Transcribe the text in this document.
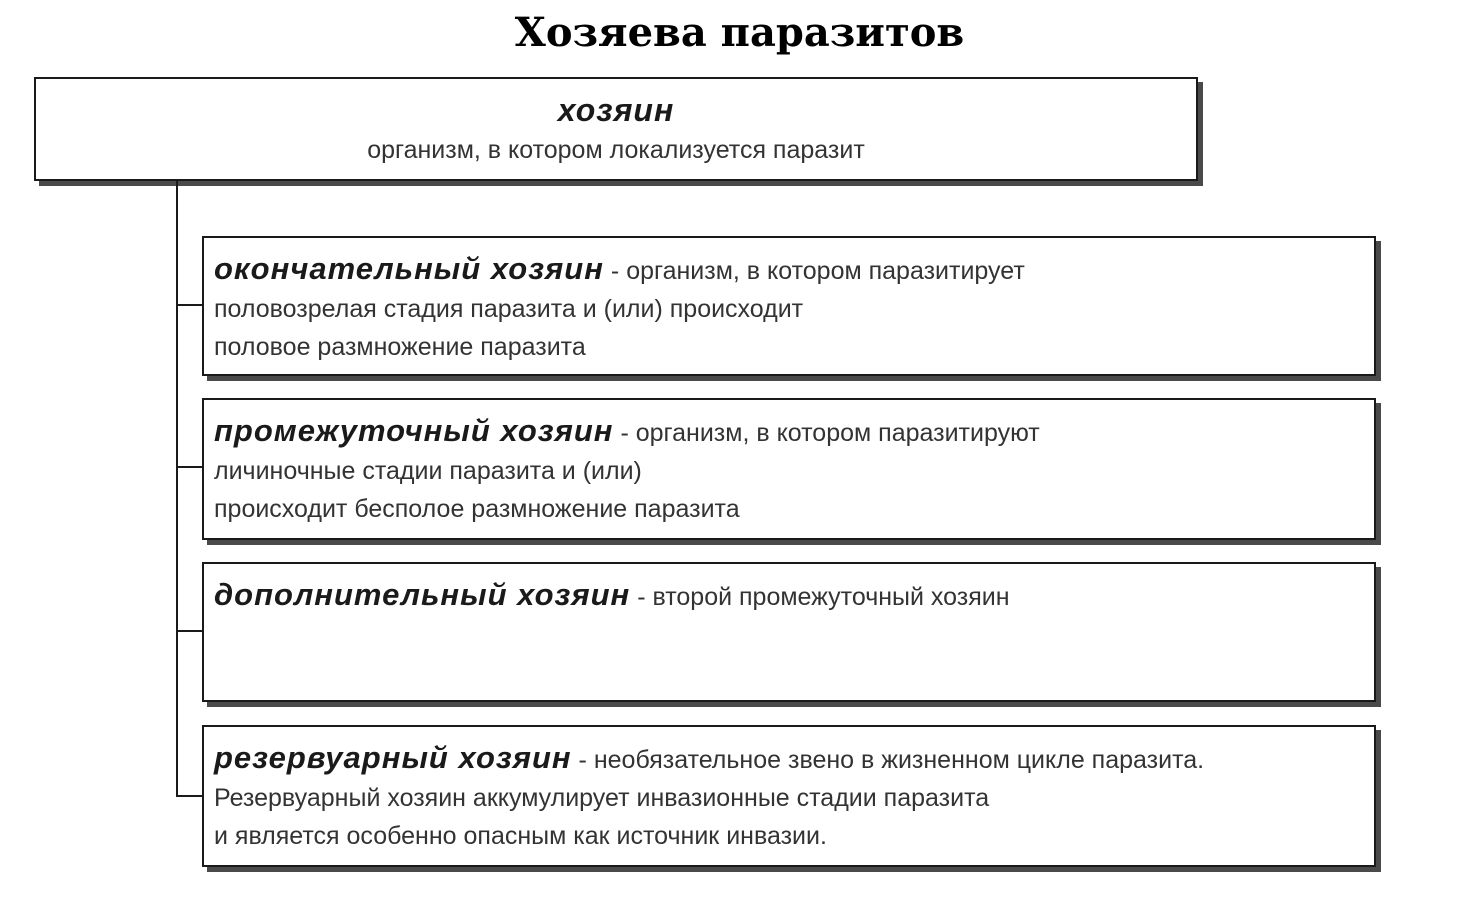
Хозяева паразитов
хозяин
организм, в котором локализуется паразит
окончательный хозяин - организм, в котором паразитирует
половозрелая стадия паразита и (или) происходит
половое размножение паразита
промежуточный хозяин - организм, в котором паразитируют
личиночные стадии паразита и (или)
происходит бесполое размножение паразита
дополнительный хозяин - второй промежуточный хозяин
резервуарный хозяин - необязательное звено в жизненном цикле паразита.
Резервуарный хозяин аккумулирует инвазионные стадии паразита
и является особенно опасным как источник инвазии.
